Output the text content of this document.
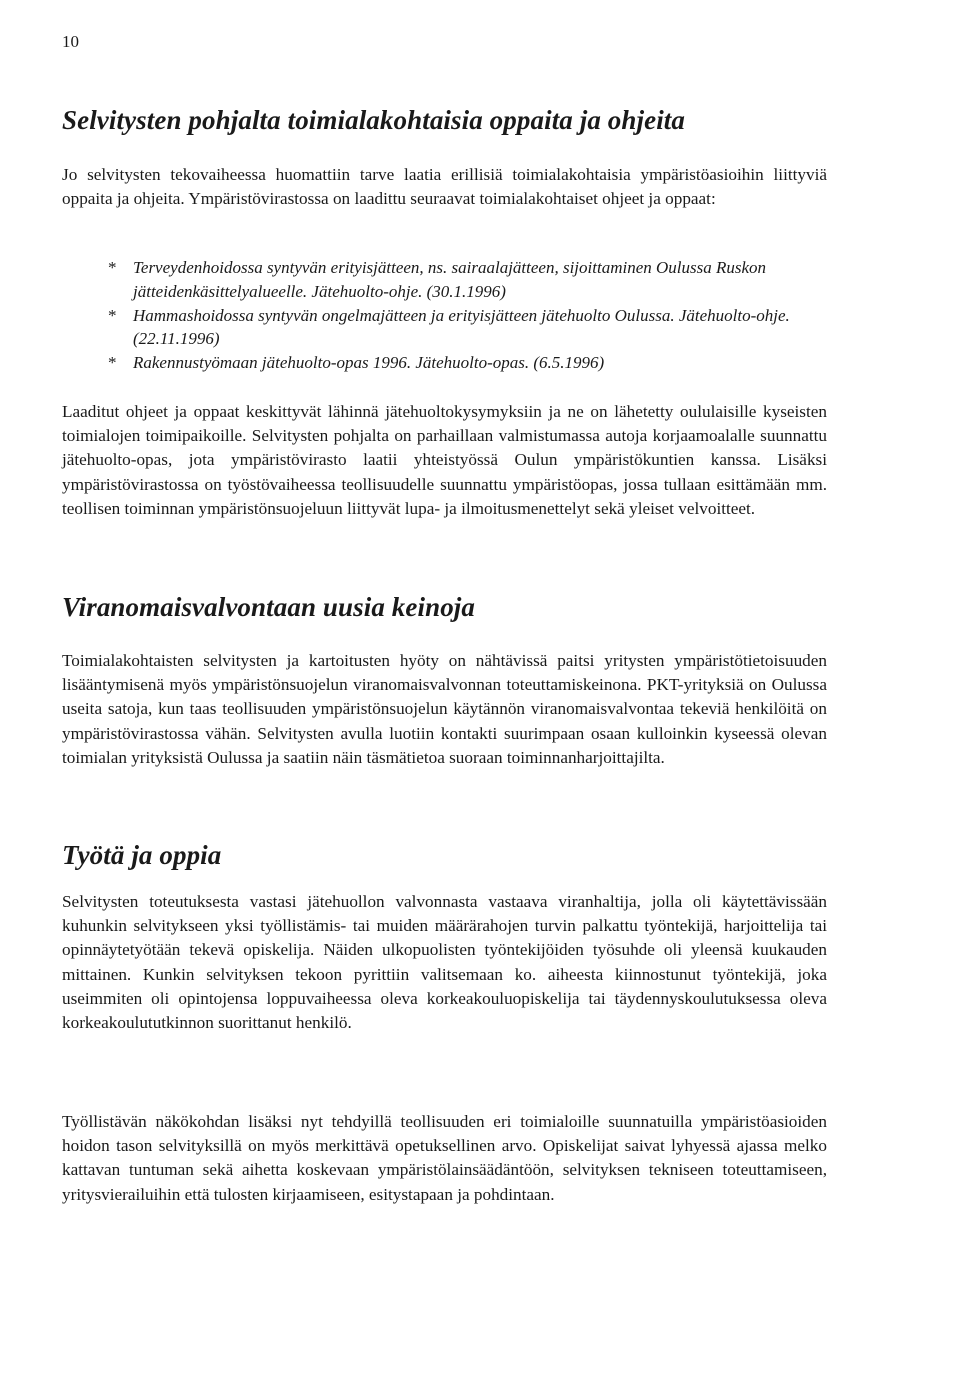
10
Selvitysten pohjalta toimialakohtaisia oppaita ja ohjeita

Jo selvitysten tekovaiheessa huomattiin tarve laatia erillisiä toimialakohtaisia ympäristöasioihin liittyviä oppaita ja ohjeita. Ympäristövirastossa on laadittu seuraavat toimialakohtaiset ohjeet ja oppaat:

* Terveydenhoidossa syntyvän erityisjätteen, ns. sairaalajätteen, sijoittaminen Oulussa Ruskon jätteidenkäsittelyalueelle. Jätehuolto-ohje. (30.1.1996)
* Hammashoidossa syntyvän ongelmajätteen ja erityisjätteen jätehuolto Oulussa. Jätehuolto-ohje. (22.11.1996)
* Rakennustyömaan jätehuolto-opas 1996. Jätehuolto-opas. (6.5.1996)

Laaditut ohjeet ja oppaat keskittyvät lähinnä jätehuoltokysymyksiin ja ne on lähetetty oululaisille kyseisten toimialojen toimipaikoille. Selvitysten pohjalta on parhaillaan valmistumassa autoja korjaamoalalle suunnattu jätehuolto-opas, jota ympäristövirasto laatii yhteistyössä Oulun ympäristökuntien kanssa. Lisäksi ympäristövirastossa on työstövaiheessa teollisuudelle suunnattu ympäristöopas, jossa tullaan esittämään mm. teollisen toiminnan ympäristönsuojeluun liittyvät lupa- ja ilmoitusmenettelyt sekä yleiset velvoitteet.

Viranomaisvalvontaan uusia keinoja

Toimialakohtaisten selvitysten ja kartoitusten hyöty on nähtävissä paitsi yritysten ympäristötietoisuuden lisääntymisenä myös ympäristönsuojelun viranomaisvalvonnan toteuttamiskeinona. PKT-yrityksiä on Oulussa useita satoja, kun taas teollisuuden ympäristönsuojelun käytännön viranomaisvalvontaa tekeviä henkilöitä on ympäristövirastossa vähän. Selvitysten avulla luotiin kontakti suurimpaan osaan kulloinkin kyseessä olevan toimialan yrityksistä Oulussa ja saatiin näin täsmätietoa suoraan toiminnanharjoittajilta.

Työtä ja oppia

Selvitysten toteutuksesta vastasi jätehuollon valvonnasta vastaava viranhaltija, jolla oli käytettävissään kuhunkin selvitykseen yksi työllistämis- tai muiden määrärahojen turvin palkattu työntekijä, harjoittelija tai opinnäytetyötään tekevä opiskelija. Näiden ulkopuolisten työntekijöiden työsuhde oli yleensä kuukauden mittainen. Kunkin selvityksen tekoon pyrittiin valitsemaan ko. aiheesta kiinnostunut työntekijä, joka useimmiten oli opintojensa loppuvaiheessa oleva korkeakouluopiskelija tai täydennyskoulutuksessa oleva korkeakoulututkinnon suorittanut henkilö.

Työllistävän näkökohdan lisäksi nyt tehdyillä teollisuuden eri toimialoille suunnatuilla ympäristöasioiden hoidon tason selvityksillä on myös merkittävä opetuksellinen arvo. Opiskelijat saivat lyhyessä ajassa melko kattavan tuntuman sekä aihetta koskevaan ympäristölainsäädäntöön, selvityksen tekniseen toteuttamiseen, yritysvierailuihin että tulosten kirjaamiseen, esitystapaan ja pohdintaan.
